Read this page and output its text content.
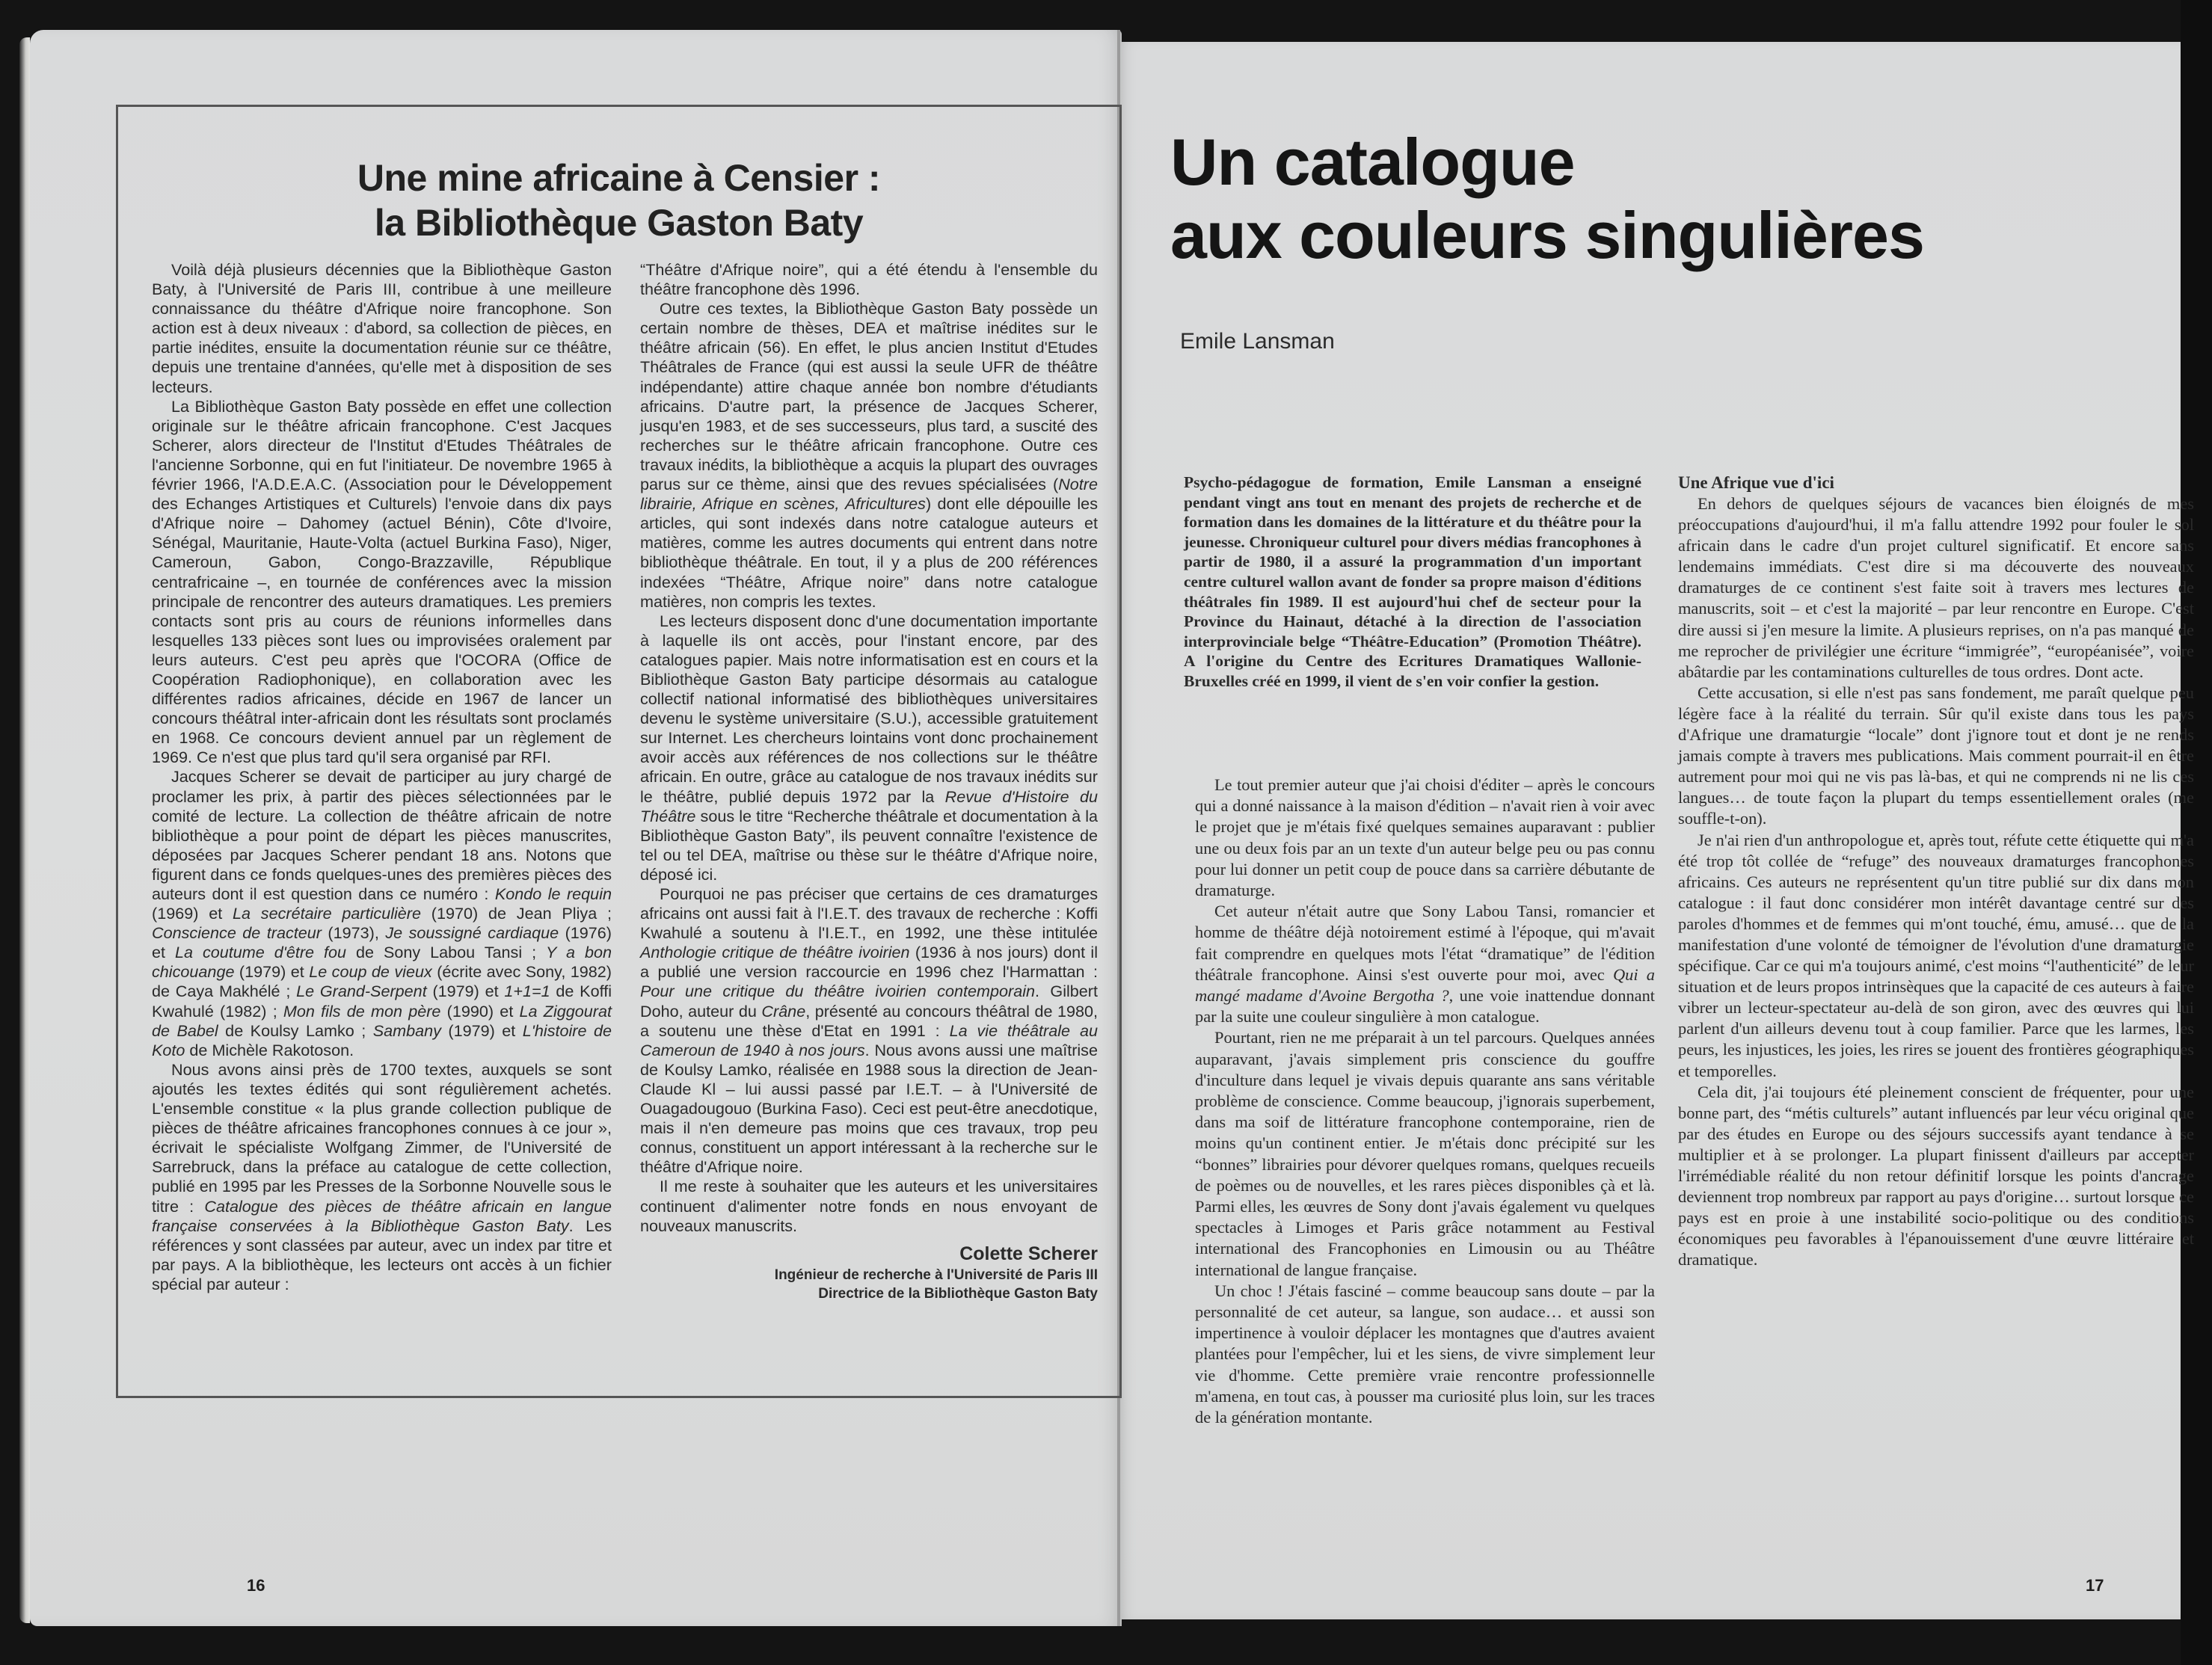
Une mine africaine à Censier :
la Bibliothèque Gaston Baty

Voilà déjà plusieurs décennies que la Bibliothèque Gaston Baty, à l'Université de Paris III, contribue à une meilleure connaissance du théâtre d'Afrique noire francophone. Son action est à deux niveaux : d'abord, sa collection de pièces, en partie inédites, ensuite la documentation réunie sur ce théâtre, depuis une trentaine d'années, qu'elle met à disposition de ses lecteurs.

La Bibliothèque Gaston Baty possède en effet une collection originale sur le théâtre africain francophone. C'est Jacques Scherer, alors directeur de l'Institut d'Etudes Théâtrales de l'ancienne Sorbonne, qui en fut l'initiateur. De novembre 1965 à février 1966, l'A.D.E.A.C. (Association pour le Développement des Echanges Artistiques et Culturels) l'envoie dans dix pays d'Afrique noire – Dahomey (actuel Bénin), Côte d'Ivoire, Sénégal, Mauritanie, Haute-Volta (actuel Burkina Faso), Niger, Cameroun, Gabon, Congo-Brazzaville, République centrafricaine –, en tournée de conférences avec la mission principale de rencontrer des auteurs dramatiques. Les premiers contacts sont pris au cours de réunions informelles dans lesquelles 133 pièces sont lues ou improvisées oralement par leurs auteurs. C'est peu après que l'OCORA (Office de Coopération Radiophonique), en collaboration avec les différentes radios africaines, décide en 1967 de lancer un concours théâtral inter-africain dont les résultats sont proclamés en 1968. Ce concours devient annuel par un règlement de 1969. Ce n'est que plus tard qu'il sera organisé par RFI.

Jacques Scherer se devait de participer au jury chargé de proclamer les prix, à partir des pièces sélectionnées par le comité de lecture. La collection de théâtre africain de notre bibliothèque a pour point de départ les pièces manuscrites, déposées par Jacques Scherer pendant 18 ans. Notons que figurent dans ce fonds quelques-unes des premières pièces des auteurs dont il est question dans ce numéro : Kondo le requin (1969) et La secrétaire particulière (1970) de Jean Pliya ; Conscience de tracteur (1973), Je soussigné cardiaque (1976) et La coutume d'être fou de Sony Labou Tansi ; Y a bon chicouange (1979) et Le coup de vieux (écrite avec Sony, 1982) de Caya Makhélé ; Le Grand-Serpent (1979) et 1+1=1 de Koffi Kwahulé (1982) ; Mon fils de mon père (1990) et La Ziggourat de Babel de Koulsy Lamko ; Sambany (1979) et L'histoire de Koto de Michèle Rakotoson.

Nous avons ainsi près de 1700 textes, auxquels se sont ajoutés les textes édités qui sont régulièrement achetés. L'ensemble constitue « la plus grande collection publique de pièces de théâtre africaines francophones connues à ce jour », écrivait le spécialiste Wolfgang Zimmer, de l'Université de Sarrebruck, dans la préface au catalogue de cette collection, publié en 1995 par les Presses de la Sorbonne Nouvelle sous le titre : Catalogue des pièces de théâtre africain en langue française conservées à la Bibliothèque Gaston Baty. Les références y sont classées par auteur, avec un index par titre et par pays. A la bibliothèque, les lecteurs ont accès à un fichier spécial par auteur :

“Théâtre d'Afrique noire”, qui a été étendu à l'ensemble du théâtre francophone dès 1996.

Outre ces textes, la Bibliothèque Gaston Baty possède un certain nombre de thèses, DEA et maîtrise inédites sur le théâtre africain (56). En effet, le plus ancien Institut d'Etudes Théâtrales de France (qui est aussi la seule UFR de théâtre indépendante) attire chaque année bon nombre d'étudiants africains. D'autre part, la présence de Jacques Scherer, jusqu'en 1983, et de ses successeurs, plus tard, a suscité des recherches sur le théâtre africain francophone. Outre ces travaux inédits, la bibliothèque a acquis la plupart des ouvrages parus sur ce thème, ainsi que des revues spécialisées (Notre librairie, Afrique en scènes, Africultures) dont elle dépouille les articles, qui sont indexés dans notre catalogue auteurs et matières, comme les autres documents qui entrent dans notre bibliothèque théâtrale. En tout, il y a plus de 200 références indexées “Théâtre, Afrique noire” dans notre catalogue matières, non compris les textes.

Les lecteurs disposent donc d'une documentation importante à laquelle ils ont accès, pour l'instant encore, par des catalogues papier. Mais notre informatisation est en cours et la Bibliothèque Gaston Baty participe désormais au catalogue collectif national informatisé des bibliothèques universitaires devenu le système universitaire (S.U.), accessible gratuitement sur Internet. Les chercheurs lointains vont donc prochainement avoir accès aux références de nos collections sur le théâtre africain. En outre, grâce au catalogue de nos travaux inédits sur le théâtre, publié depuis 1972 par la Revue d'Histoire du Théâtre sous le titre “Recherche théâtrale et documentation à la Bibliothèque Gaston Baty”, ils peuvent connaître l'existence de tel ou tel DEA, maîtrise ou thèse sur le théâtre d'Afrique noire, déposé ici.

Pourquoi ne pas préciser que certains de ces dramaturges africains ont aussi fait à l'I.E.T. des travaux de recherche : Koffi Kwahulé a soutenu à l'I.E.T., en 1992, une thèse intitulée Anthologie critique de théâtre ivoirien (1936 à nos jours) dont il a publié une version raccourcie en 1996 chez l'Harmattan : Pour une critique du théâtre ivoirien contemporain. Gilbert Doho, auteur du Crâne, présenté au concours théâtral de 1980, a soutenu une thèse d'Etat en 1991 : La vie théâtrale au Cameroun de 1940 à nos jours. Nous avons aussi une maîtrise de Koulsy Lamko, réalisée en 1988 sous la direction de Jean-Claude Kl – lui aussi passé par I.E.T. – à l'Université de Ouagadougouo (Burkina Faso). Ceci est peut-être anecdotique, mais il n'en demeure pas moins que ces travaux, trop peu connus, constituent un apport intéressant à la recherche sur le théâtre d'Afrique noire.

Il me reste à souhaiter que les auteurs et les universitaires continuent d'alimenter notre fonds en nous envoyant de nouveaux manuscrits.

Colette Scherer
Ingénieur de recherche à l'Université de Paris III
Directrice de la Bibliothèque Gaston Baty
16
Un catalogue
aux couleurs singulières
Emile Lansman

Psycho-pédagogue de formation, Emile Lansman a enseigné pendant vingt ans tout en menant des projets de recherche et de formation dans les domaines de la littérature et du théâtre pour la jeunesse. Chroniqueur culturel pour divers médias francophones à partir de 1980, il a assuré la programmation d'un important centre culturel wallon avant de fonder sa propre maison d'éditions théâtrales fin 1989. Il est aujourd'hui chef de secteur pour la Province du Hainaut, détaché à la direction de l'association interprovinciale belge “Théâtre-Education” (Promotion Théâtre). A l'origine du Centre des Ecritures Dramatiques Wallonie-Bruxelles créé en 1999, il vient de s'en voir confier la gestion.

Le tout premier auteur que j'ai choisi d'éditer – après le concours qui a donné naissance à la maison d'édition – n'avait rien à voir avec le projet que je m'étais fixé quelques semaines auparavant : publier une ou deux fois par an un texte d'un auteur belge peu ou pas connu pour lui donner un petit coup de pouce dans sa carrière débutante de dramaturge.

Cet auteur n'était autre que Sony Labou Tansi, romancier et homme de théâtre déjà notoirement estimé à l'époque, qui m'avait fait comprendre en quelques mots l'état “dramatique” de l'édition théâtrale francophone. Ainsi s'est ouverte pour moi, avec Qui a mangé madame d'Avoine Bergotha ?, une voie inattendue donnant par la suite une couleur singulière à mon catalogue.

Pourtant, rien ne me préparait à un tel parcours. Quelques années auparavant, j'avais simplement pris conscience du gouffre d'inculture dans lequel je vivais depuis quarante ans sans véritable problème de conscience. Comme beaucoup, j'ignorais superbement, dans ma soif de littérature francophone contemporaine, rien de moins qu'un continent entier. Je m'étais donc précipité sur les “bonnes” librairies pour dévorer quelques romans, quelques recueils de poèmes ou de nouvelles, et les rares pièces disponibles çà et là. Parmi elles, les œuvres de Sony dont j'avais également vu quelques spectacles à Limoges et Paris grâce notamment au Festival international des Francophonies en Limousin ou au Théâtre international de langue française.

Un choc ! J'étais fasciné – comme beaucoup sans doute – par la personnalité de cet auteur, sa langue, son audace… et aussi son impertinence à vouloir déplacer les montagnes que d'autres avaient plantées pour l'empêcher, lui et les siens, de vivre simplement leur vie d'homme. Cette première vraie rencontre professionnelle m'amena, en tout cas, à pousser ma curiosité plus loin, sur les traces de la génération montante.

Une Afrique vue d'ici

En dehors de quelques séjours de vacances bien éloignés de mes préoccupations d'aujourd'hui, il m'a fallu attendre 1992 pour fouler le sol africain dans le cadre d'un projet culturel significatif. Et encore sans lendemains immédiats. C'est dire si ma découverte des nouveaux dramaturges de ce continent s'est faite soit à travers mes lectures de manuscrits, soit – et c'est la majorité – par leur rencontre en Europe. C'est dire aussi si j'en mesure la limite. A plusieurs reprises, on n'a pas manqué de me reprocher de privilégier une écriture “immigrée”, “européanisée”, voire abâtardie par les contaminations culturelles de tous ordres. Dont acte.

Cette accusation, si elle n'est pas sans fondement, me paraît quelque peu légère face à la réalité du terrain. Sûr qu'il existe dans tous les pays d'Afrique une dramaturgie “locale” dont j'ignore tout et dont je ne rends jamais compte à travers mes publications. Mais comment pourrait-il en être autrement pour moi qui ne vis pas là-bas, et qui ne comprends ni ne lis ces langues… de toute façon la plupart du temps essentiellement orales (me souffle-t-on).

Je n'ai rien d'un anthropologue et, après tout, réfute cette étiquette qui m'a été trop tôt collée de “refuge” des nouveaux dramaturges francophones africains. Ces auteurs ne représentent qu'un titre publié sur dix dans mon catalogue : il faut donc considérer mon intérêt davantage centré sur des paroles d'hommes et de femmes qui m'ont touché, ému, amusé… que de la manifestation d'une volonté de témoigner de l'évolution d'une dramaturgie spécifique. Car ce qui m'a toujours animé, c'est moins “l'authenticité” de leur situation et de leurs propos intrinsèques que la capacité de ces auteurs à faire vibrer un lecteur-spectateur au-delà de son giron, avec des œuvres qui lui parlent d'un ailleurs devenu tout à coup familier. Parce que les larmes, les peurs, les injustices, les joies, les rires se jouent des frontières géographiques et temporelles.

Cela dit, j'ai toujours été pleinement conscient de fréquenter, pour une bonne part, des “métis culturels” autant influencés par leur vécu original que par des études en Europe ou des séjours successifs ayant tendance à se multiplier et à se prolonger. La plupart finissent d'ailleurs par accepter l'irrémédiable réalité du non retour définitif lorsque les points d'ancrage deviennent trop nombreux par rapport au pays d'origine… surtout lorsque ce pays est en proie à une instabilité socio-politique ou des conditions économiques peu favorables à l'épanouissement d'une œuvre littéraire et dramatique.

17
